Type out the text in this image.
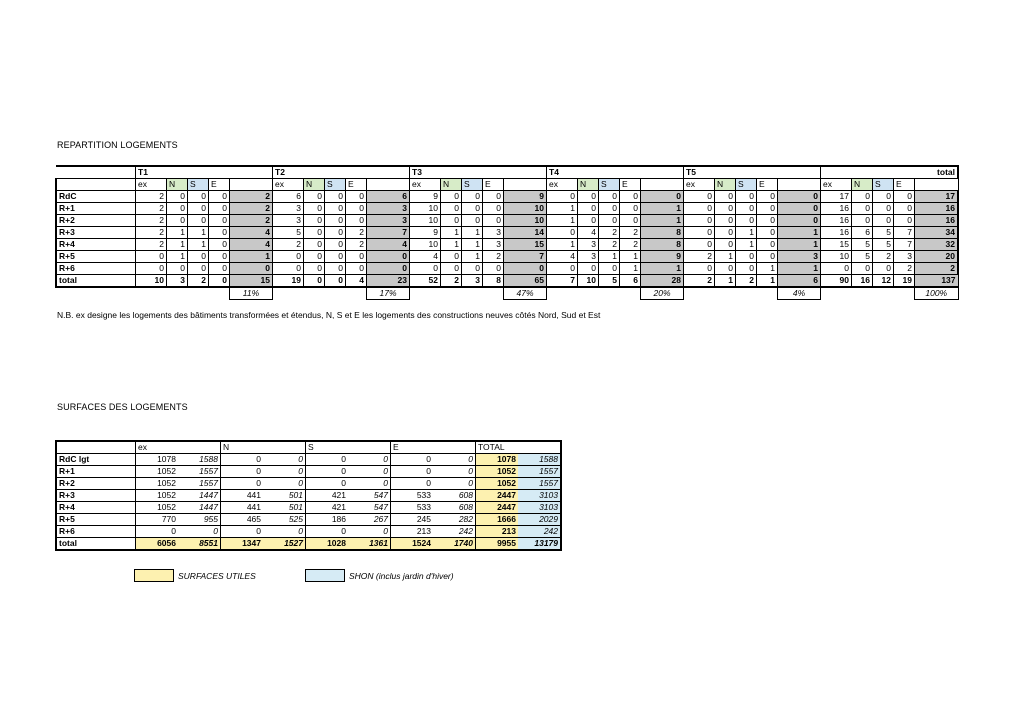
REPARTITION LOGEMENTS
	T1					T2					T3					T4					T5					total				
	ex	N	S	E		ex	N	S	E		ex	N	S	E		ex	N	S	E		ex	N	S	E		ex	N	S	E	
RdC	2	0	0	0	2	6	0	0	0	6	9	0	0	0	9	0	0	0	0	0	0	0	0	0	0	17	0	0	0	17
R+1	2	0	0	0	2	3	0	0	0	3	10	0	0	0	10	1	0	0	0	1	0	0	0	0	0	16	0	0	0	16
R+2	2	0	0	0	2	3	0	0	0	3	10	0	0	0	10	1	0	0	0	1	0	0	0	0	0	16	0	0	0	16
R+3	2	1	1	0	4	5	0	0	2	7	9	1	1	3	14	0	4	2	2	8	0	0	1	0	1	16	6	5	7	34
R+4	2	1	1	0	4	2	0	0	2	4	10	1	1	3	15	1	3	2	2	8	0	0	1	0	1	15	5	5	7	32
R+5	0	1	0	0	1	0	0	0	0	0	4	0	1	2	7	4	3	1	1	9	2	1	0	0	3	10	5	2	3	20
R+6	0	0	0	0	0	0	0	0	0	0	0	0	0	0	0	0	0	0	1	1	0	0	0	1	1	0	0	0	2	2
total	10	3	2	0	15	19	0	0	4	23	52	2	3	8	65	7	10	5	6	28	2	1	2	1	6	90	16	12	19	137
					11%					17%					47%					20%					4%					100%
N.B. ex designe les logements des bâtiments transformées et étendus, N, S et E les logements des constructions neuves côtés Nord, Sud et Est
SURFACES DES LOGEMENTS
	ex		N		S		E		TOTAL	
RdC lgt	1078	1588	0	0	0	0	0	0	1078	1588
R+1	1052	1557	0	0	0	0	0	0	1052	1557
R+2	1052	1557	0	0	0	0	0	0	1052	1557
R+3	1052	1447	441	501	421	547	533	608	2447	3103
R+4	1052	1447	441	501	421	547	533	608	2447	3103
R+5	770	955	465	525	186	267	245	282	1666	2029
R+6	0	0	0	0	0	0	213	242	213	242
total	6056	8551	1347	1527	1028	1361	1524	1740	9955	13179
SURFACES UTILES	SHON (inclus jardin d'hiver)
